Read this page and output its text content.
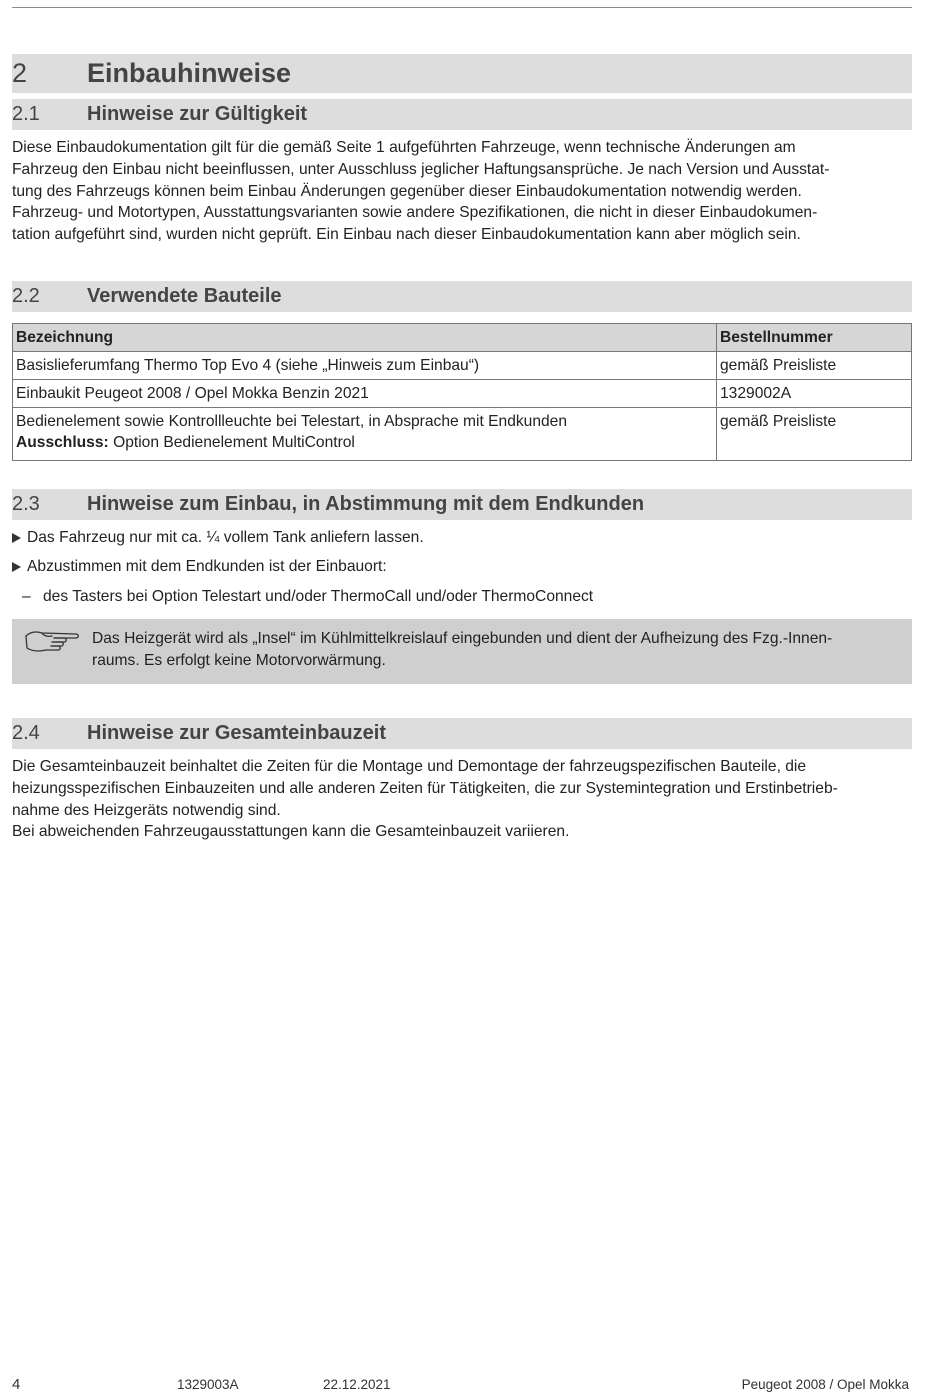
2	Einbauhinweise
2.1	Hinweise zur Gültigkeit

Diese Einbaudokumentation gilt für die gemäß Seite 1 aufgeführten Fahrzeuge, wenn technische Änderungen am

Fahrzeug den Einbau nicht beeinflussen, unter Ausschluss jeglicher Haftungsansprüche. Je nach Version und Ausstat-

tung des Fahrzeugs können beim Einbau Änderungen gegenüber dieser Einbaudokumentation notwendig werden.

Fahrzeug- und Motortypen, Ausstattungsvarianten sowie andere Spezifikationen, die nicht in dieser Einbaudokumen-

tation aufgeführt sind, wurden nicht geprüft. Ein Einbau nach dieser Einbaudokumentation kann aber möglich sein.

2.2	Verwendete Bauteile
Bezeichnung	Bestellnummer
Basislieferumfang Thermo Top Evo 4 (siehe „Hinweis zum Einbau“)	gemäß Preisliste
Einbaukit Peugeot 2008 / Opel Mokka Benzin 2021	1329002A
Bedienelement sowie Kontrollleuchte bei Telestart, in Absprache mit Endkunden
Ausschluss: Option Bedienelement MultiControl	gemäß Preisliste
2.3	Hinweise zum Einbau, in Abstimmung mit dem Endkunden
Das Fahrzeug nur mit ca. ¼ vollem Tank anliefern lassen.
Abzustimmen mit dem Endkunden ist der Einbauort:
– des Tasters bei Option Telestart und/oder ThermoCall und/oder ThermoConnect
Das Heizgerät wird als „Insel“ im Kühlmittelkreislauf eingebunden und dient der Aufheizung des Fzg.-Innen-
raums. Es erfolgt keine Motorvorwärmung.
2.4	Hinweise zur Gesamteinbauzeit

Die Gesamteinbauzeit beinhaltet die Zeiten für die Montage und Demontage der fahrzeugspezifischen Bauteile, die

heizungsspezifischen Einbauzeiten und alle anderen Zeiten für Tätigkeiten, die zur Systemintegration und Erstinbetrieb-

nahme des Heizgeräts notwendig sind.

Bei abweichenden Fahrzeugausstattungen kann die Gesamteinbauzeit variieren.

4	1329003A	22.12.2021	Peugeot 2008 / Opel Mokka
